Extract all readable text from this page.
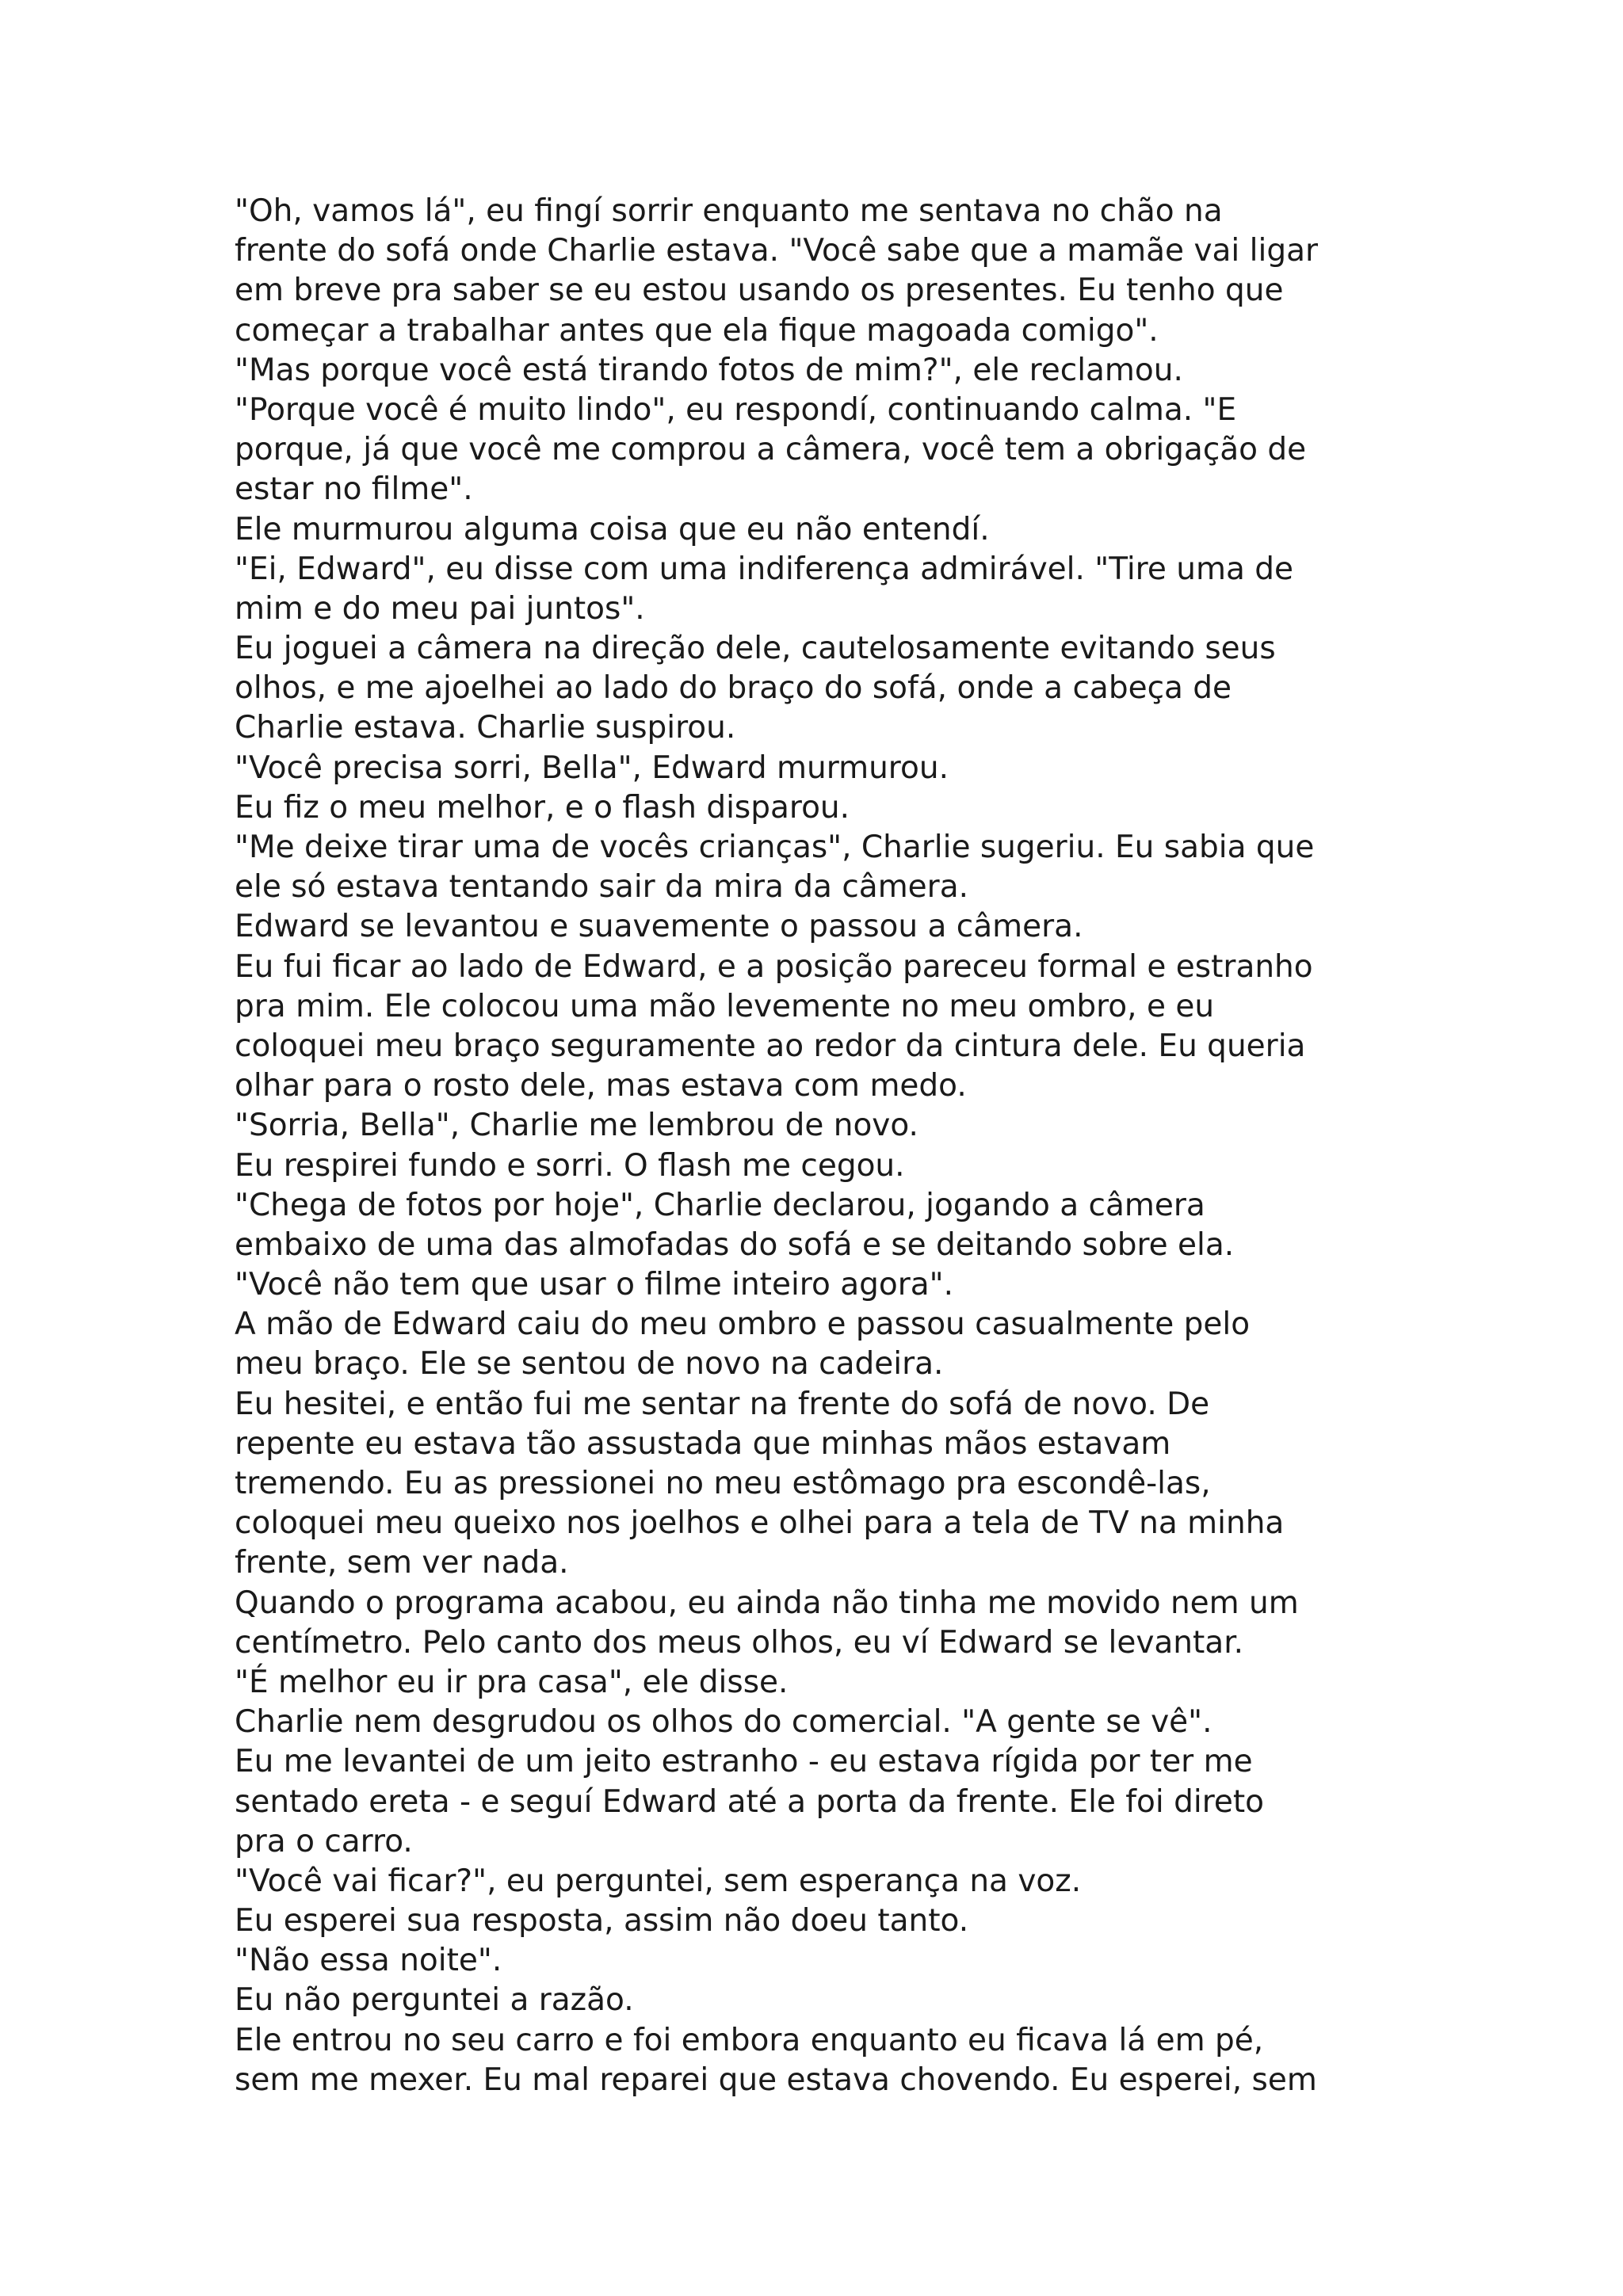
"Oh, vamos lá", eu fingí sorrir enquanto me sentava no chão na
frente do sofá onde Charlie estava. "Você sabe que a mamãe vai ligar
em breve pra saber se eu estou usando os presentes. Eu tenho que
começar a trabalhar antes que ela fique magoada comigo".
"Mas porque você está tirando fotos de mim?", ele reclamou.
"Porque você é muito lindo", eu respondí, continuando calma. "E
porque, já que você me comprou a câmera, você tem a obrigação de
estar no filme".
Ele murmurou alguma coisa que eu não entendí.
"Ei, Edward", eu disse com uma indiferença admirável. "Tire uma de
mim e do meu pai juntos".
Eu joguei a câmera na direção dele, cautelosamente evitando seus
olhos, e me ajoelhei ao lado do braço do sofá, onde a cabeça de
Charlie estava. Charlie suspirou.
"Você precisa sorri, Bella", Edward murmurou.
Eu fiz o meu melhor, e o flash disparou.
"Me deixe tirar uma de vocês crianças", Charlie sugeriu. Eu sabia que
ele só estava tentando sair da mira da câmera.
Edward se levantou e suavemente o passou a câmera.
Eu fui ficar ao lado de Edward, e a posição pareceu formal e estranho
pra mim. Ele colocou uma mão levemente no meu ombro, e eu
coloquei meu braço seguramente ao redor da cintura dele. Eu queria
olhar para o rosto dele, mas estava com medo.
"Sorria, Bella", Charlie me lembrou de novo.
Eu respirei fundo e sorri. O flash me cegou.
"Chega de fotos por hoje", Charlie declarou, jogando a câmera
embaixo de uma das almofadas do sofá e se deitando sobre ela.
"Você não tem que usar o filme inteiro agora".
A mão de Edward caiu do meu ombro e passou casualmente pelo
meu braço. Ele se sentou de novo na cadeira.
Eu hesitei, e então fui me sentar na frente do sofá de novo. De
repente eu estava tão assustada que minhas mãos estavam
tremendo. Eu as pressionei no meu estômago pra escondê-las,
coloquei meu queixo nos joelhos e olhei para a tela de TV na minha
frente, sem ver nada.
Quando o programa acabou, eu ainda não tinha me movido nem um
centímetro. Pelo canto dos meus olhos, eu ví Edward se levantar.
"É melhor eu ir pra casa", ele disse.
Charlie nem desgrudou os olhos do comercial. "A gente se vê".
Eu me levantei de um jeito estranho - eu estava rígida por ter me
sentado ereta - e seguí Edward até a porta da frente. Ele foi direto
pra o carro.
"Você vai ficar?", eu perguntei, sem esperança na voz.
Eu esperei sua resposta, assim não doeu tanto.
"Não essa noite".
Eu não perguntei a razão.
Ele entrou no seu carro e foi embora enquanto eu ficava lá em pé,
sem me mexer. Eu mal reparei que estava chovendo. Eu esperei, sem
